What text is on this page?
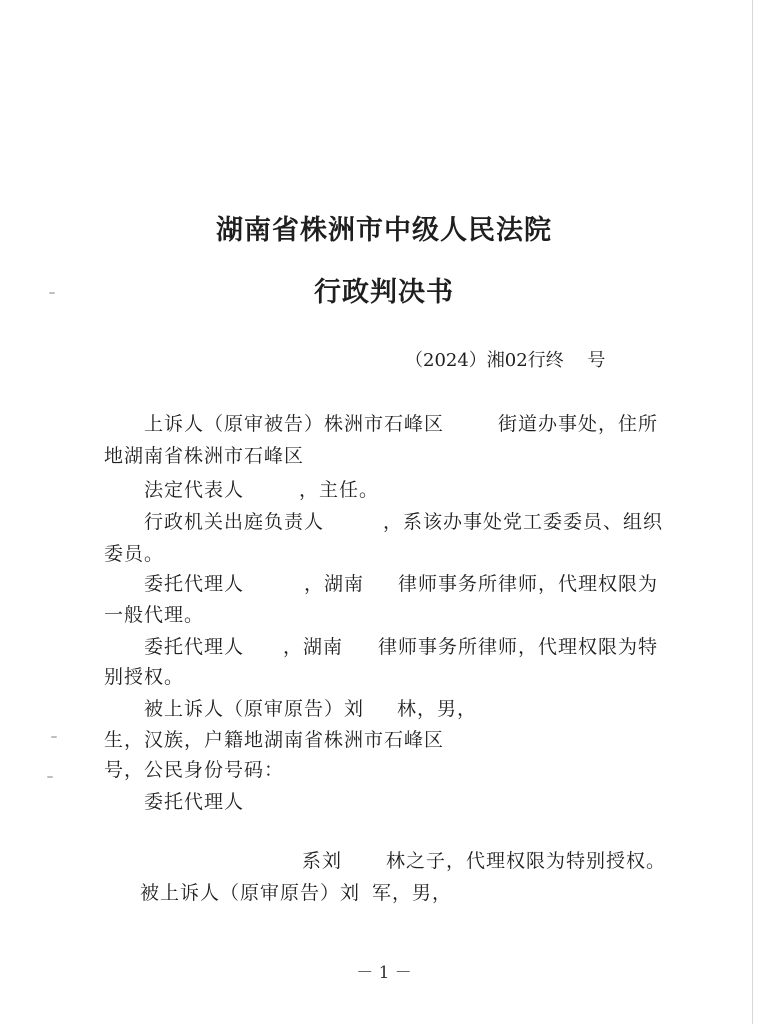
湖南省株洲市中级人民法院
行政判决书
（2024）湘02行终　 号
上诉人（原审被告）株洲市石峰区	街道办事处，住所
地湖南省株洲市石峰区
法定代表人	，主任。
行政机关出庭负责人	，系该办事处党工委委员、组织
委员。
委托代理人	，湖南 律师事务所律师，代理权限为
一般代理。
委托代理人 ，湖南 律师事务所律师，代理权限为特
别授权。
被上诉人（原审原告）刘 林，男，
生，汉族，户籍地湖南省株洲市石峰区
号，公民身份号码：
委托代理人
系刘 林之子，代理权限为特别授权。
被上诉人（原审原告）刘 军，男，
－ 1 －
